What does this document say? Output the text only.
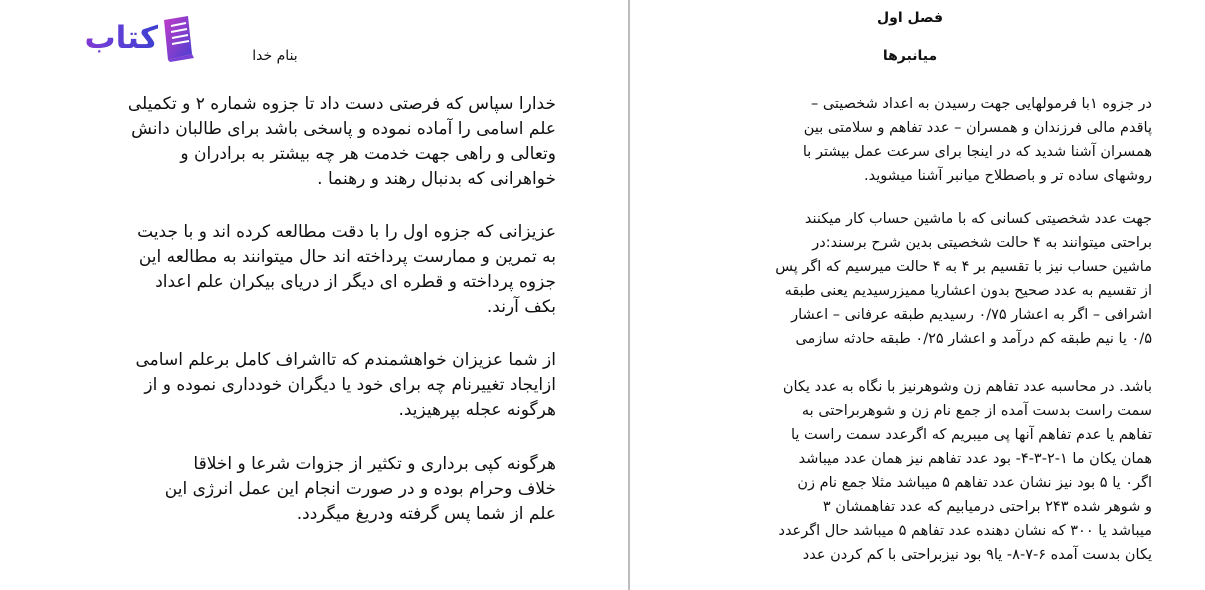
کتاب سل
بنام خدا
خدارا سپاس که فرصتی دست داد تا جزوه شماره ۲ و تکمیلی
علم اسامی را آماده نموده و پاسخی باشد برای طالبان دانش
وتعالی و راهی جهت خدمت هر چه بیشتر به برادران و
خواهرانی که بدنبال رهند و رهنما .
عزیزانی که جزوه اول را با دقت مطالعه کرده اند و با جدیت
به تمرین و ممارست پرداخته اند حال میتوانند به مطالعه این
جزوه پرداخته و قطره ای دیگر از دریای بیکران علم اعداد
بکف آرند.
از شما عزیزان خواهشمندم که تااشراف کامل برعلم اسامی
ازایجاد تغییرنام چه برای خود یا دیگران خودداری نموده و از
هرگونه عجله بپرهیزید.
هرگونه کپی برداری و تکثیر از جزوات شرعا و اخلاقا
خلاف وحرام بوده و در صورت انجام این عمل انرژی این
علم از شما پس گرفته ودریغ میگردد.
فصل اول
میانبرها
در جزوه ۱با فرمولهایی جهت رسیدن به اعداد شخصیتی –
پاقدم مالی فرزندان و همسران – عدد تفاهم و سلامتی بین
همسران آشنا شدید که در اینجا برای سرعت عمل بیشتر با
روشهای ساده تر و باصطلاح میانبر آشنا میشوید.
جهت عدد شخصیتی کسانی که با ماشین حساب کار میکنند
براحتی میتوانند به ۴ حالت شخصیتی بدین شرح برسند:در
ماشین حساب نیز با تقسیم بر ۴ به ۴ حالت میرسیم که اگر پس
از تقسیم به عدد صحیح بدون اعشاریا ممیزرسیدیم یعنی طبقه
اشرافی – اگر به اعشار ۰/۷۵ رسیدیم طبقه عرفانی – اعشار
۰/۵ یا نیم طبقه کم درآمد و اعشار ۰/۲۵ طبقه حادثه سازمی
باشد. در محاسبه عدد تفاهم زن وشوهرنیز با نگاه به عدد یکان
سمت راست بدست آمده از جمع نام زن و شوهربراحتی به
تفاهم یا عدم تفاهم آنها پی میبریم که اگرعدد سمت راست یا
همان یکان ما ۱-۲-۳-۴- بود عدد تفاهم نیز همان عدد میباشد
اگر۰ یا ۵ بود نیز نشان عدد تفاهم ۵ میباشد مثلا جمع نام زن
و شوهر شده ۲۴۳ براحتی درمیابیم که عدد تفاهمشان ۳
میباشد یا ۳۰۰ که نشان دهنده عدد تفاهم ۵ میباشد حال اگرعدد
یکان بدست آمده ۶-۷-۸- یا۹ بود نیزبراحتی با کم کردن عدد
